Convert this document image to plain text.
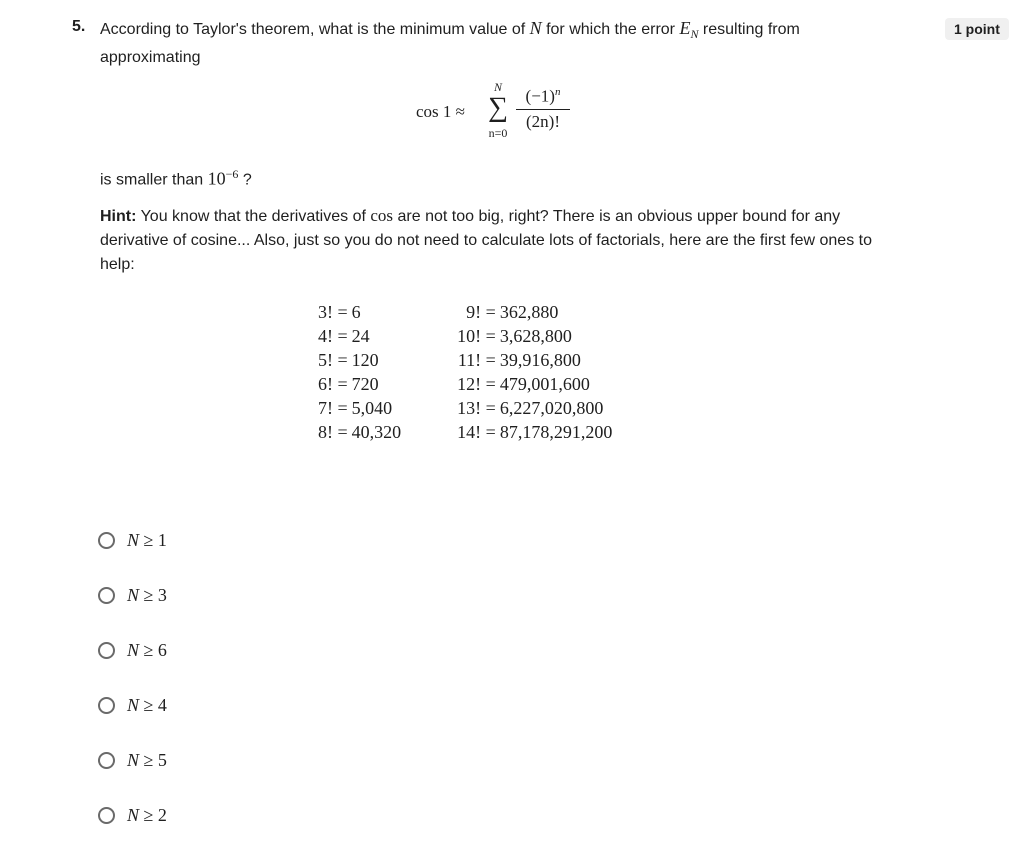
5.	1 point
According to Taylor's theorem, what is the minimum value of N for which the error $E_N$ resulting from approximating
cos 1 ≈
N
∑
n=0
$\frac{(-1)^n}{(2n)!}$
is smaller than $10^{-6}$ ?
Hint: You know that the derivatives of cos are not too big, right? There is an obvious upper bound for any derivative of cosine... Also, just so you do not need to calculate lots of factorials, here are the first few ones to help:
3! =	6		9! =	362,880
4! =	24		10! =	3,628,800
5! =	120		11! =	39,916,800
6! =	720		12! =	479,001,600
7! =	5,040		13! =	6,227,020,800
8! =	40,320		14! =	87,178,291,200
N ≥ 1
N ≥ 3
N ≥ 6
N ≥ 4
N ≥ 5
N ≥ 2
